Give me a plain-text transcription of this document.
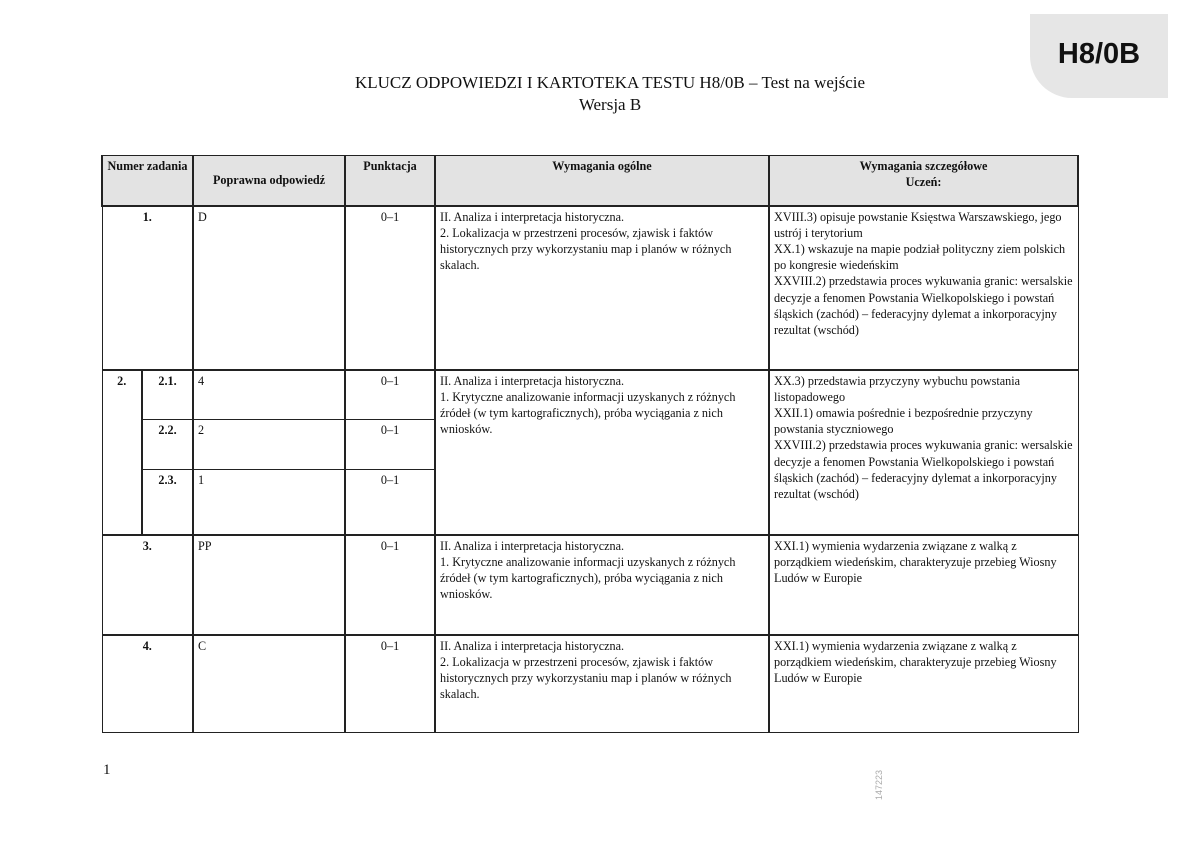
H8/0B
KLUCZ ODPOWIEDZI I KARTOTEKA TESTU H8/0B – Test na wejście
Wersja B
Numer zadania		Poprawna odpowiedź	Punktacja	Wymagania ogólne	Wymagania szczegółowe
Uczeń:

1.		D	0–1	II. Analiza i interpretacja historyczna.
2. Lokalizacja w przestrzeni procesów, zjawisk i faktów historycznych przy wykorzystaniu map i planów w różnych skalach.	XVIII.3) opisuje powstanie Księstwa Warszawskiego, jego ustrój i terytorium
XX.1) wskazuje na mapie podział polityczny ziem polskich po kongresie wiedeńskim
XXVIII.2) przedstawia proces wykuwania granic: wersalskie decyzje a fenomen Powstania Wielkopolskiego i powstań śląskich (zachód) – federacyjny dylemat a inkorporacyjny rezultat (wschód)
2.	2.1.	4	0–1	II. Analiza i interpretacja historyczna.
1. Krytyczne analizowanie informacji uzyskanych z różnych źródeł (w tym kartograficznych), próba wyciągania z nich wniosków.	XX.3) przedstawia przyczyny wybuchu powstania listopadowego
XXII.1) omawia pośrednie i bezpośrednie przyczyny powstania styczniowego
XXVIII.2) przedstawia proces wykuwania granic: wersalskie decyzje a fenomen Powstania Wielkopolskiego i powstań śląskich (zachód) – federacyjny dylemat a inkorporacyjny rezultat (wschód)
	2.2.	2	0–1		
	2.3.	1	0–1		
3.		PP	0–1	II. Analiza i interpretacja historyczna.
1. Krytyczne analizowanie informacji uzyskanych z różnych źródeł (w tym kartograficznych), próba wyciągania z nich wniosków.	XXI.1) wymienia wydarzenia związane z walką z porządkiem wiedeńskim, charakteryzuje przebieg Wiosny Ludów w Europie
4.		C	0–1	II. Analiza i interpretacja historyczna.
2. Lokalizacja w przestrzeni procesów, zjawisk i faktów historycznych przy wykorzystaniu map i planów w różnych skalach.	XXI.1) wymienia wydarzenia związane z walką z porządkiem wiedeńskim, charakteryzuje przebieg Wiosny Ludów w Europie
1	147223
